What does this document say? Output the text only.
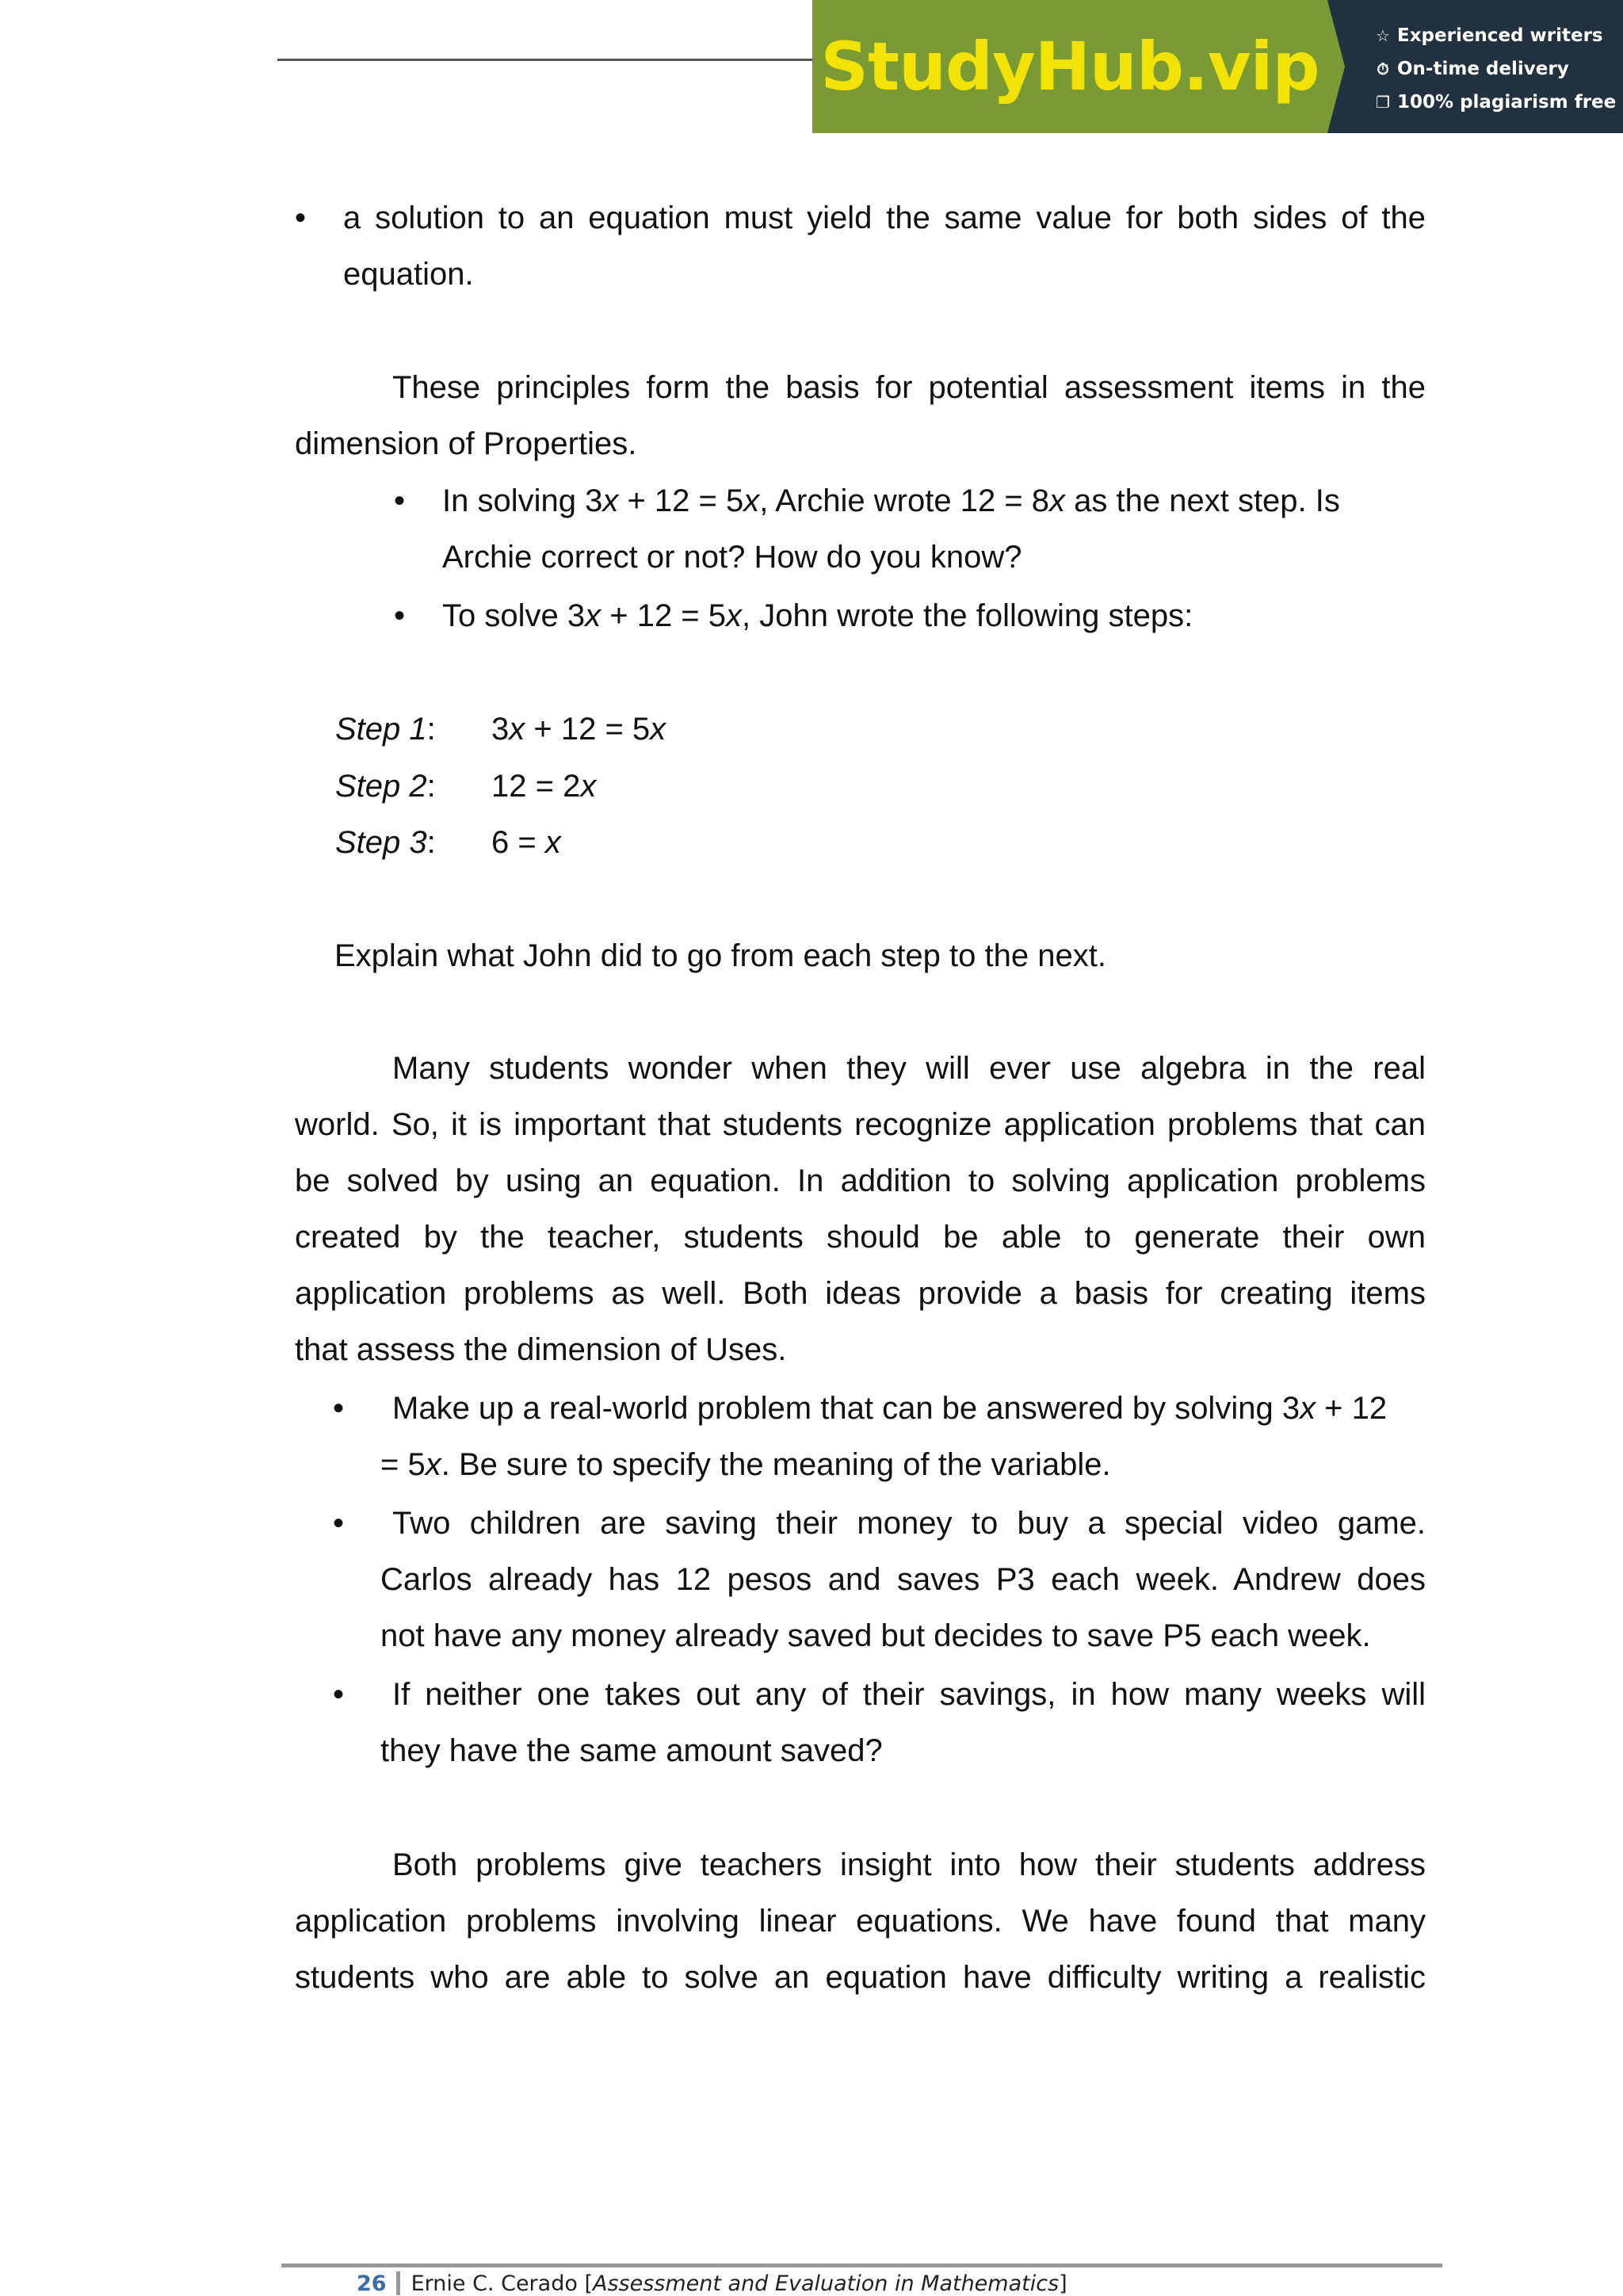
StudyHub.vip	☆ Experienced writers
⏱ On-time delivery
❐ 100% plagiarism free
•
a solution to an equation must yield the same value for both sides of the
equation.
These principles form the basis for potential assessment items in the
dimension of Properties.
•
In solving 3x + 12 = 5x, Archie wrote 12 = 8x as the next step. Is
Archie correct or not? How do you know?
•
To solve 3x + 12 = 5x, John wrote the following steps:
Step 1: 3x + 12 = 5x
Step 2: 12 = 2x
Step 3: 6 = x
Explain what John did to go from each step to the next.
Many students wonder when they will ever use algebra in the real
world. So, it is important that students recognize application problems that can
be solved by using an equation. In addition to solving application problems
created by the teacher, students should be able to generate their own
application problems as well. Both ideas provide a basis for creating items
that assess the dimension of Uses.
•
Make up a real-world problem that can be answered by solving 3x + 12
= 5x. Be sure to specify the meaning of the variable.
•
Two children are saving their money to buy a special video game.
Carlos already has 12 pesos and saves P3 each week. Andrew does
not have any money already saved but decides to save P5 each week.
•
If neither one takes out any of their savings, in how many weeks will
they have the same amount saved?
Both problems give teachers insight into how their students address
application problems involving linear equations. We have found that many
students who are able to solve an equation have difficulty writing a realistic
26	Ernie C. Cerado [Assessment and Evaluation in Mathematics]
